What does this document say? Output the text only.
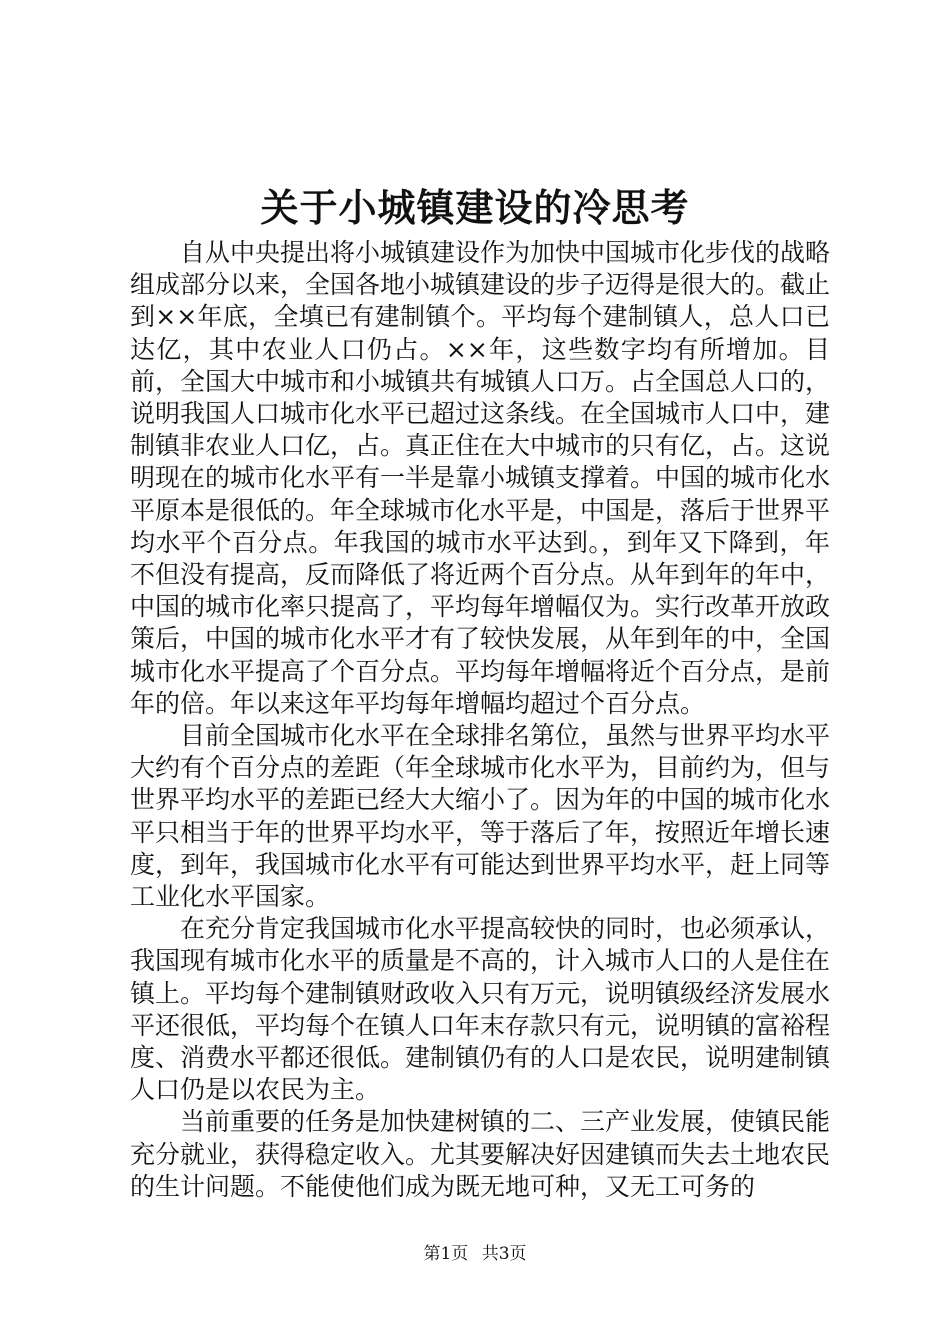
关于小城镇建设的冷思考

自从中央提出将小城镇建设作为加快中国城市化步伐的战略组成部分以来，全国各地小城镇建设的步子迈得是很大的。截止到××年底，全填已有建制镇个。平均每个建制镇人，总人口已达亿，其中农业人口仍占。××年，这些数字均有所增加。目前，全国大中城市和小城镇共有城镇人口万。占全国总人口的，说明我国人口城市化水平已超过这条线。在全国城市人口中，建制镇非农业人口亿，占。真正住在大中城市的只有亿，占。这说明现在的城市化水平有一半是靠小城镇支撑着。中国的城市化水平原本是很低的。年全球城市化水平是，中国是，落后于世界平均水平个百分点。年我国的城市水平达到。，到年又下降到，年不但没有提高，反而降低了将近两个百分点。从年到年的年中，中国的城市化率只提高了，平均每年增幅仅为。实行改革开放政策后，中国的城市化水平才有了较快发展，从年到年的中，全国城市化水平提高了个百分点。平均每年增幅将近个百分点，是前年的倍。年以来这年平均每年增幅均超过个百分点。

目前全国城市化水平在全球排名第位，虽然与世界平均水平大约有个百分点的差距（年全球城市化水平为，目前约为，但与世界平均水平的差距已经大大缩小了。因为年的中国的城市化水平只相当于年的世界平均水平，等于落后了年，按照近年增长速度，到年，我国城市化水平有可能达到世界平均水平，赶上同等工业化水平国家。

在充分肯定我国城市化水平提高较快的同时，也必须承认，我国现有城市化水平的质量是不高的，计入城市人口的人是住在镇上。平均每个建制镇财政收入只有万元，说明镇级经济发展水平还很低，平均每个在镇人口年末存款只有元，说明镇的富裕程度、消费水平都还很低。建制镇仍有的人口是农民，说明建制镇人口仍是以农民为主。

当前重要的任务是加快建树镇的二、三产业发展，使镇民能充分就业，获得稳定收入。尤其要解决好因建镇而失去土地农民的生计问题。不能使他们成为既无地可种，又无工可务的

第1页 共3页
